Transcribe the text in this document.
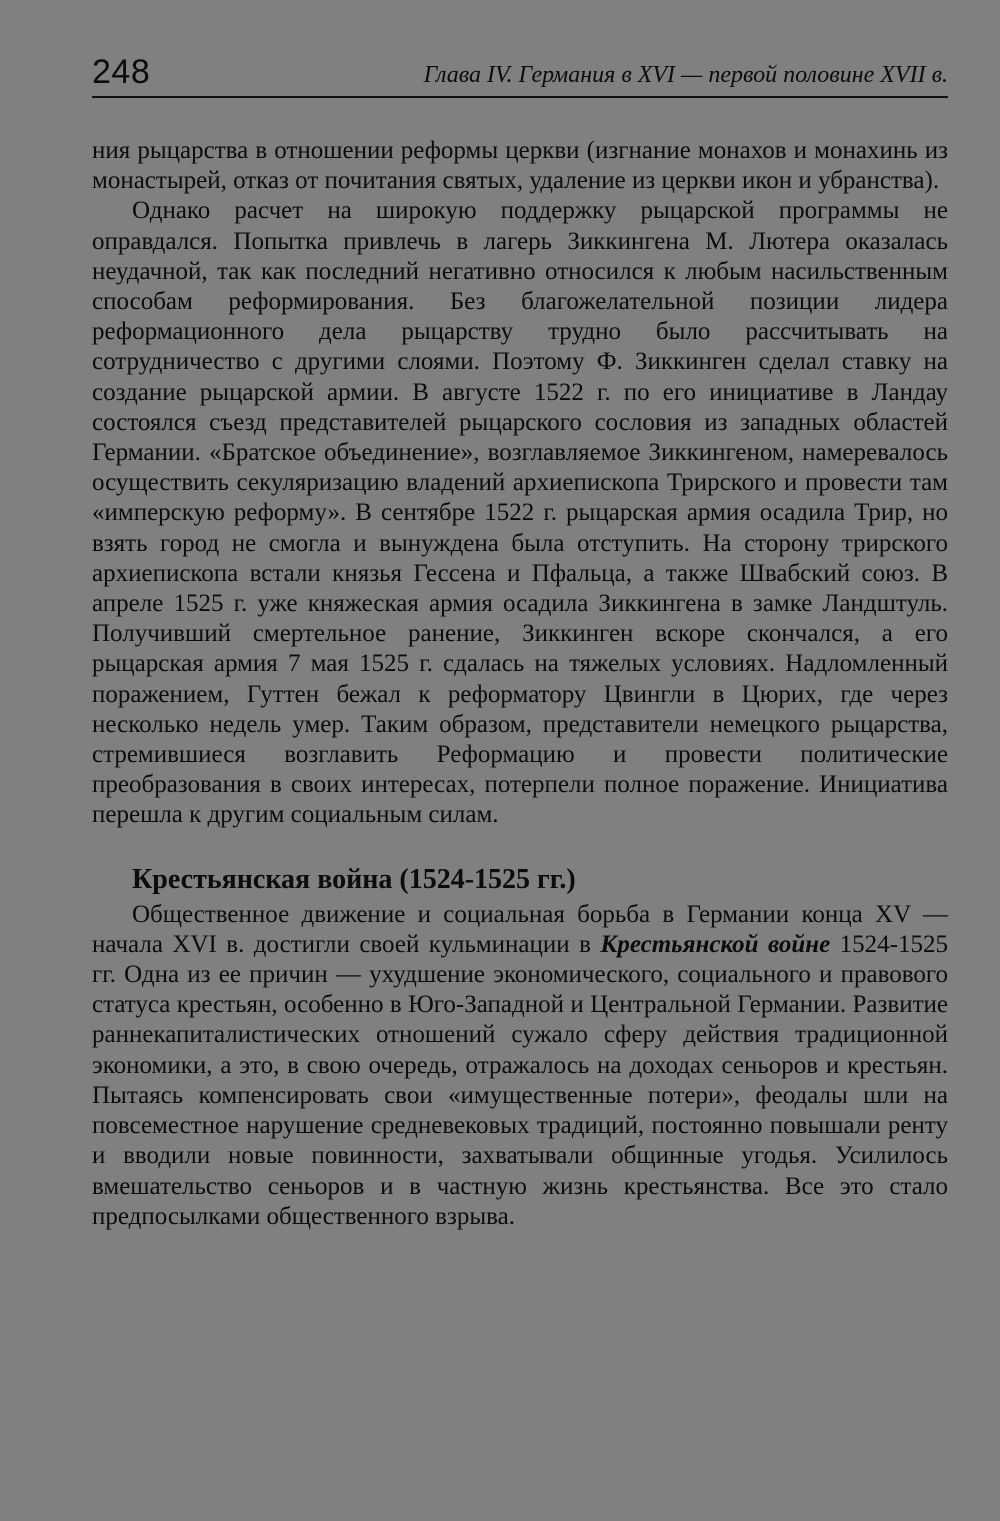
248	Глава IV. Германия в XVI — первой половине XVII в.

ния рыцарства в отношении реформы церкви (изгнание монахов и монахинь из монастырей, отказ от почитания святых, удаление из церкви икон и убранства).

Однако расчет на широкую поддержку рыцарской программы не оправдался. Попытка привлечь в лагерь Зиккингена М. Лютера оказалась неудачной, так как последний негативно относился к любым насильственным способам реформирования. Без благожелательной позиции лидера реформационного дела рыцарству трудно было рассчитывать на сотрудничество с другими слоями. Поэтому Ф. Зиккинген сделал ставку на создание рыцарской армии. В августе 1522 г. по его инициативе в Ландау состоялся съезд представителей рыцарского сословия из западных областей Германии. «Братское объединение», возглавляемое Зиккингеном, намеревалось осуществить секуляризацию владений архиепископа Трирского и провести там «имперскую реформу». В сентябре 1522 г. рыцарская армия осадила Трир, но взять город не смогла и вынуждена была отступить. На сторону трирского архиепископа встали князья Гессена и Пфальца, а также Швабский союз. В апреле 1525 г. уже княжеская армия осадила Зиккингена в замке Ландштуль. Получивший смертельное ранение, Зиккинген вскоре скончался, а его рыцарская армия 7 мая 1525 г. сдалась на тяжелых условиях. Надломленный поражением, Гуттен бежал к реформатору Цвингли в Цюрих, где через несколько недель умер. Таким образом, представители немецкого рыцарства, стремившиеся возглавить Реформацию и провести политические преобразования в своих интересах, потерпели полное поражение. Инициатива перешла к другим социальным силам.

Крестьянская война (1524-1525 гг.)

Общественное движение и социальная борьба в Германии конца XV — начала XVI в. достигли своей кульминации в Крестьянской войне 1524-1525 гг. Одна из ее причин — ухудшение экономического, социального и правового статуса крестьян, особенно в Юго-Западной и Центральной Германии. Развитие раннекапиталистических отношений сужало сферу действия традиционной экономики, а это, в свою очередь, отражалось на доходах сеньоров и крестьян. Пытаясь компенсировать свои «имущественные потери», феодалы шли на повсеместное нарушение средневековых традиций, постоянно повышали ренту и вводили новые повинности, захватывали общинные угодья. Усилилось вмешательство сеньоров и в частную жизнь крестьянства. Все это стало предпосылками общественного взрыва.
